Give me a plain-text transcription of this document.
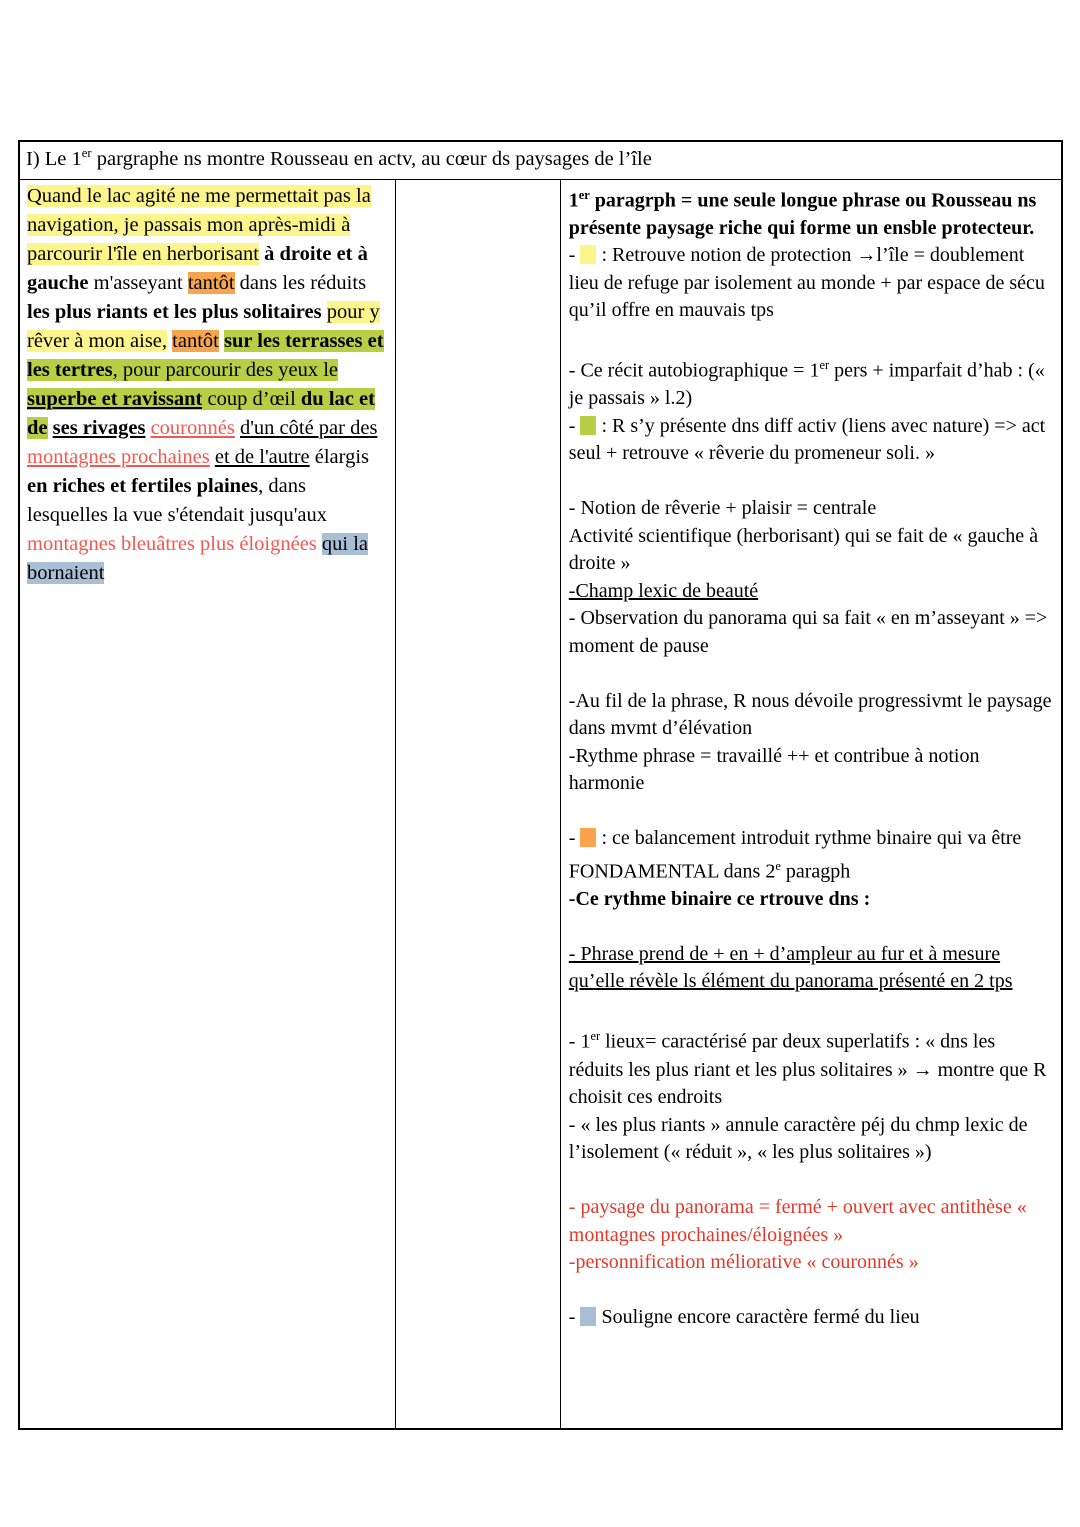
I) Le 1er pargraphe ns montre Rousseau en actv, au cœur ds paysages de l’île
Quand le lac agité ne me permettait pas la navigation, je passais mon après-midi à parcourir l'île en herborisant à droite et à gauche m'asseyant tantôt dans les réduits les plus riants et les plus solitaires pour y rêver à mon aise, tantôt sur les terrasses et les tertres, pour parcourir des yeux le superbe et ravissant coup d’œil du lac et de ses rivages couronnés d'un côté par des montagnes prochaines et de l'autre élargis en riches et fertiles plaines, dans lesquelles la vue s'étendait jusqu'aux montagnes bleuâtres plus éloignées qui la bornaient		1er paragrph = une seule longue phrase ou Rousseau ns présente paysage riche qui forme un ensble protecteur.
-  : Retrouve notion de protection →l’île = doublement lieu de refuge par isolement au monde + par espace de sécu qu’il offre en mauvais tps

- Ce récit autobiographique = 1er pers + imparfait d’hab : (« je passais » l.2)
-  : R s’y présente dns diff activ (liens avec nature) => act seul + retrouve « rêverie du promeneur soli. »

- Notion de rêverie + plaisir = centrale
Activité scientifique (herborisant) qui se fait de « gauche à droite »
-Champ lexic de beauté
- Observation du panorama qui sa fait « en m’asseyant » => moment de pause

-Au fil de la phrase, R nous dévoile progressivmt le paysage dans mvmt d’élévation
-Rythme phrase = travaillé ++ et contribue à notion harmonie

-  : ce balancement introduit rythme binaire qui va être FONDAMENTAL dans 2e paragph
-Ce rythme binaire ce rtrouve dns :

- Phrase prend de + en + d’ampleur au fur et à mesure qu’elle révèle ls élément du panorama présenté en 2 tps

- 1er lieux= caractérisé par deux superlatifs : « dns les réduits les plus riant et les plus solitaires » → montre que R choisit ces endroits
- « les plus riants » annule caractère péj du chmp lexic de l’isolement (« réduit », « les plus solitaires »)

- paysage du panorama = fermé + ouvert avec antithèse « montagnes prochaines/éloignées »
-personnification méliorative « couronnés »

-  Souligne encore caractère fermé du lieu
